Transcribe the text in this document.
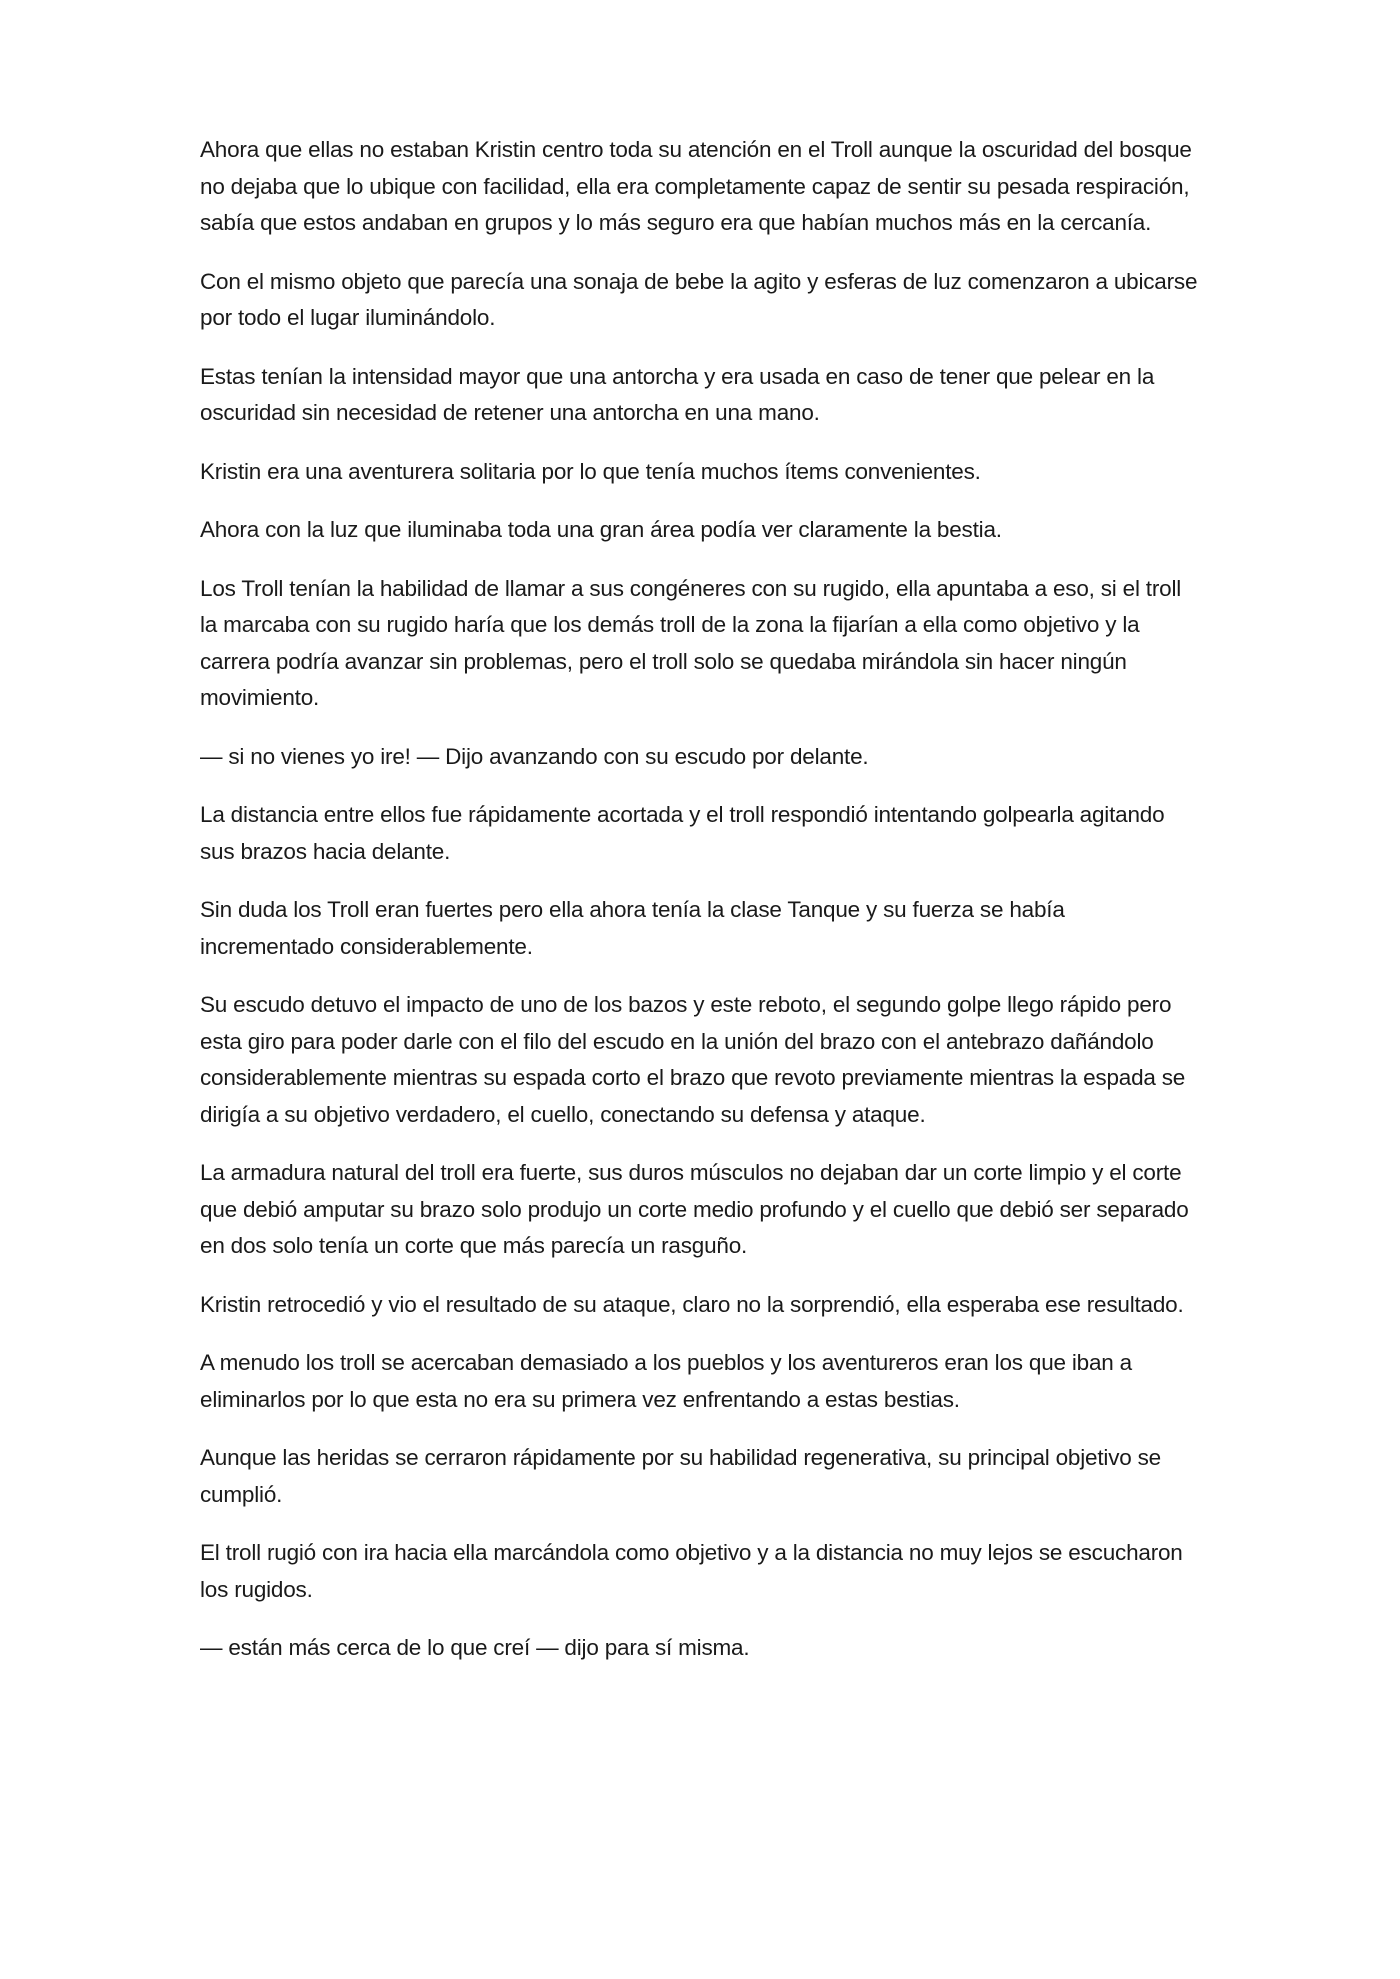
Ahora que ellas no estaban Kristin centro toda su atención en el Troll aunque la oscuridad del bosque no dejaba que lo ubique con facilidad, ella era completamente capaz de sentir su pesada respiración, sabía que estos andaban en grupos y lo más seguro era que habían muchos más en la cercanía.

Con el mismo objeto que parecía una sonaja de bebe la agito y esferas de luz comenzaron a ubicarse por todo el lugar iluminándolo.

Estas tenían la intensidad mayor que una antorcha y era usada en caso de tener que pelear en la oscuridad sin necesidad de retener una antorcha en una mano.

Kristin era una aventurera solitaria por lo que tenía muchos ítems convenientes.

Ahora con la luz que iluminaba toda una gran área podía ver claramente la bestia.

Los Troll tenían la habilidad de llamar a sus congéneres con su rugido, ella apuntaba a eso, si el troll la marcaba con su rugido haría que los demás troll de la zona la fijarían a ella como objetivo y la carrera podría avanzar sin problemas, pero el troll solo se quedaba mirándola sin hacer ningún movimiento.

— si no vienes yo ire! — Dijo avanzando con su escudo por delante.

La distancia entre ellos fue rápidamente acortada y el troll respondió intentando golpearla agitando sus brazos hacia delante.

Sin duda los Troll eran fuertes pero ella ahora tenía la clase Tanque y su fuerza se había incrementado considerablemente.

Su escudo detuvo el impacto de uno de los bazos y este reboto, el segundo golpe llego rápido pero esta giro para poder darle con el filo del escudo en la unión del brazo con el antebrazo dañándolo considerablemente mientras su espada corto el brazo que revoto previamente mientras la espada se dirigía a su objetivo verdadero, el cuello, conectando su defensa y ataque.

La armadura natural del troll era fuerte, sus duros músculos no dejaban dar un corte limpio y el corte que debió amputar su brazo solo produjo un corte medio profundo y el cuello que debió ser separado en dos solo tenía un corte que más parecía un rasguño.

Kristin retrocedió y vio el resultado de su ataque, claro no la sorprendió, ella esperaba ese resultado.

A menudo los troll se acercaban demasiado a los pueblos y los aventureros eran los que iban a eliminarlos por lo que esta no era su primera vez enfrentando a estas bestias.

Aunque las heridas se cerraron rápidamente por su habilidad regenerativa, su principal objetivo se cumplió.

El troll rugió con ira hacia ella marcándola como objetivo y a la distancia no muy lejos se escucharon los rugidos.

— están más cerca de lo que creí — dijo para sí misma.
